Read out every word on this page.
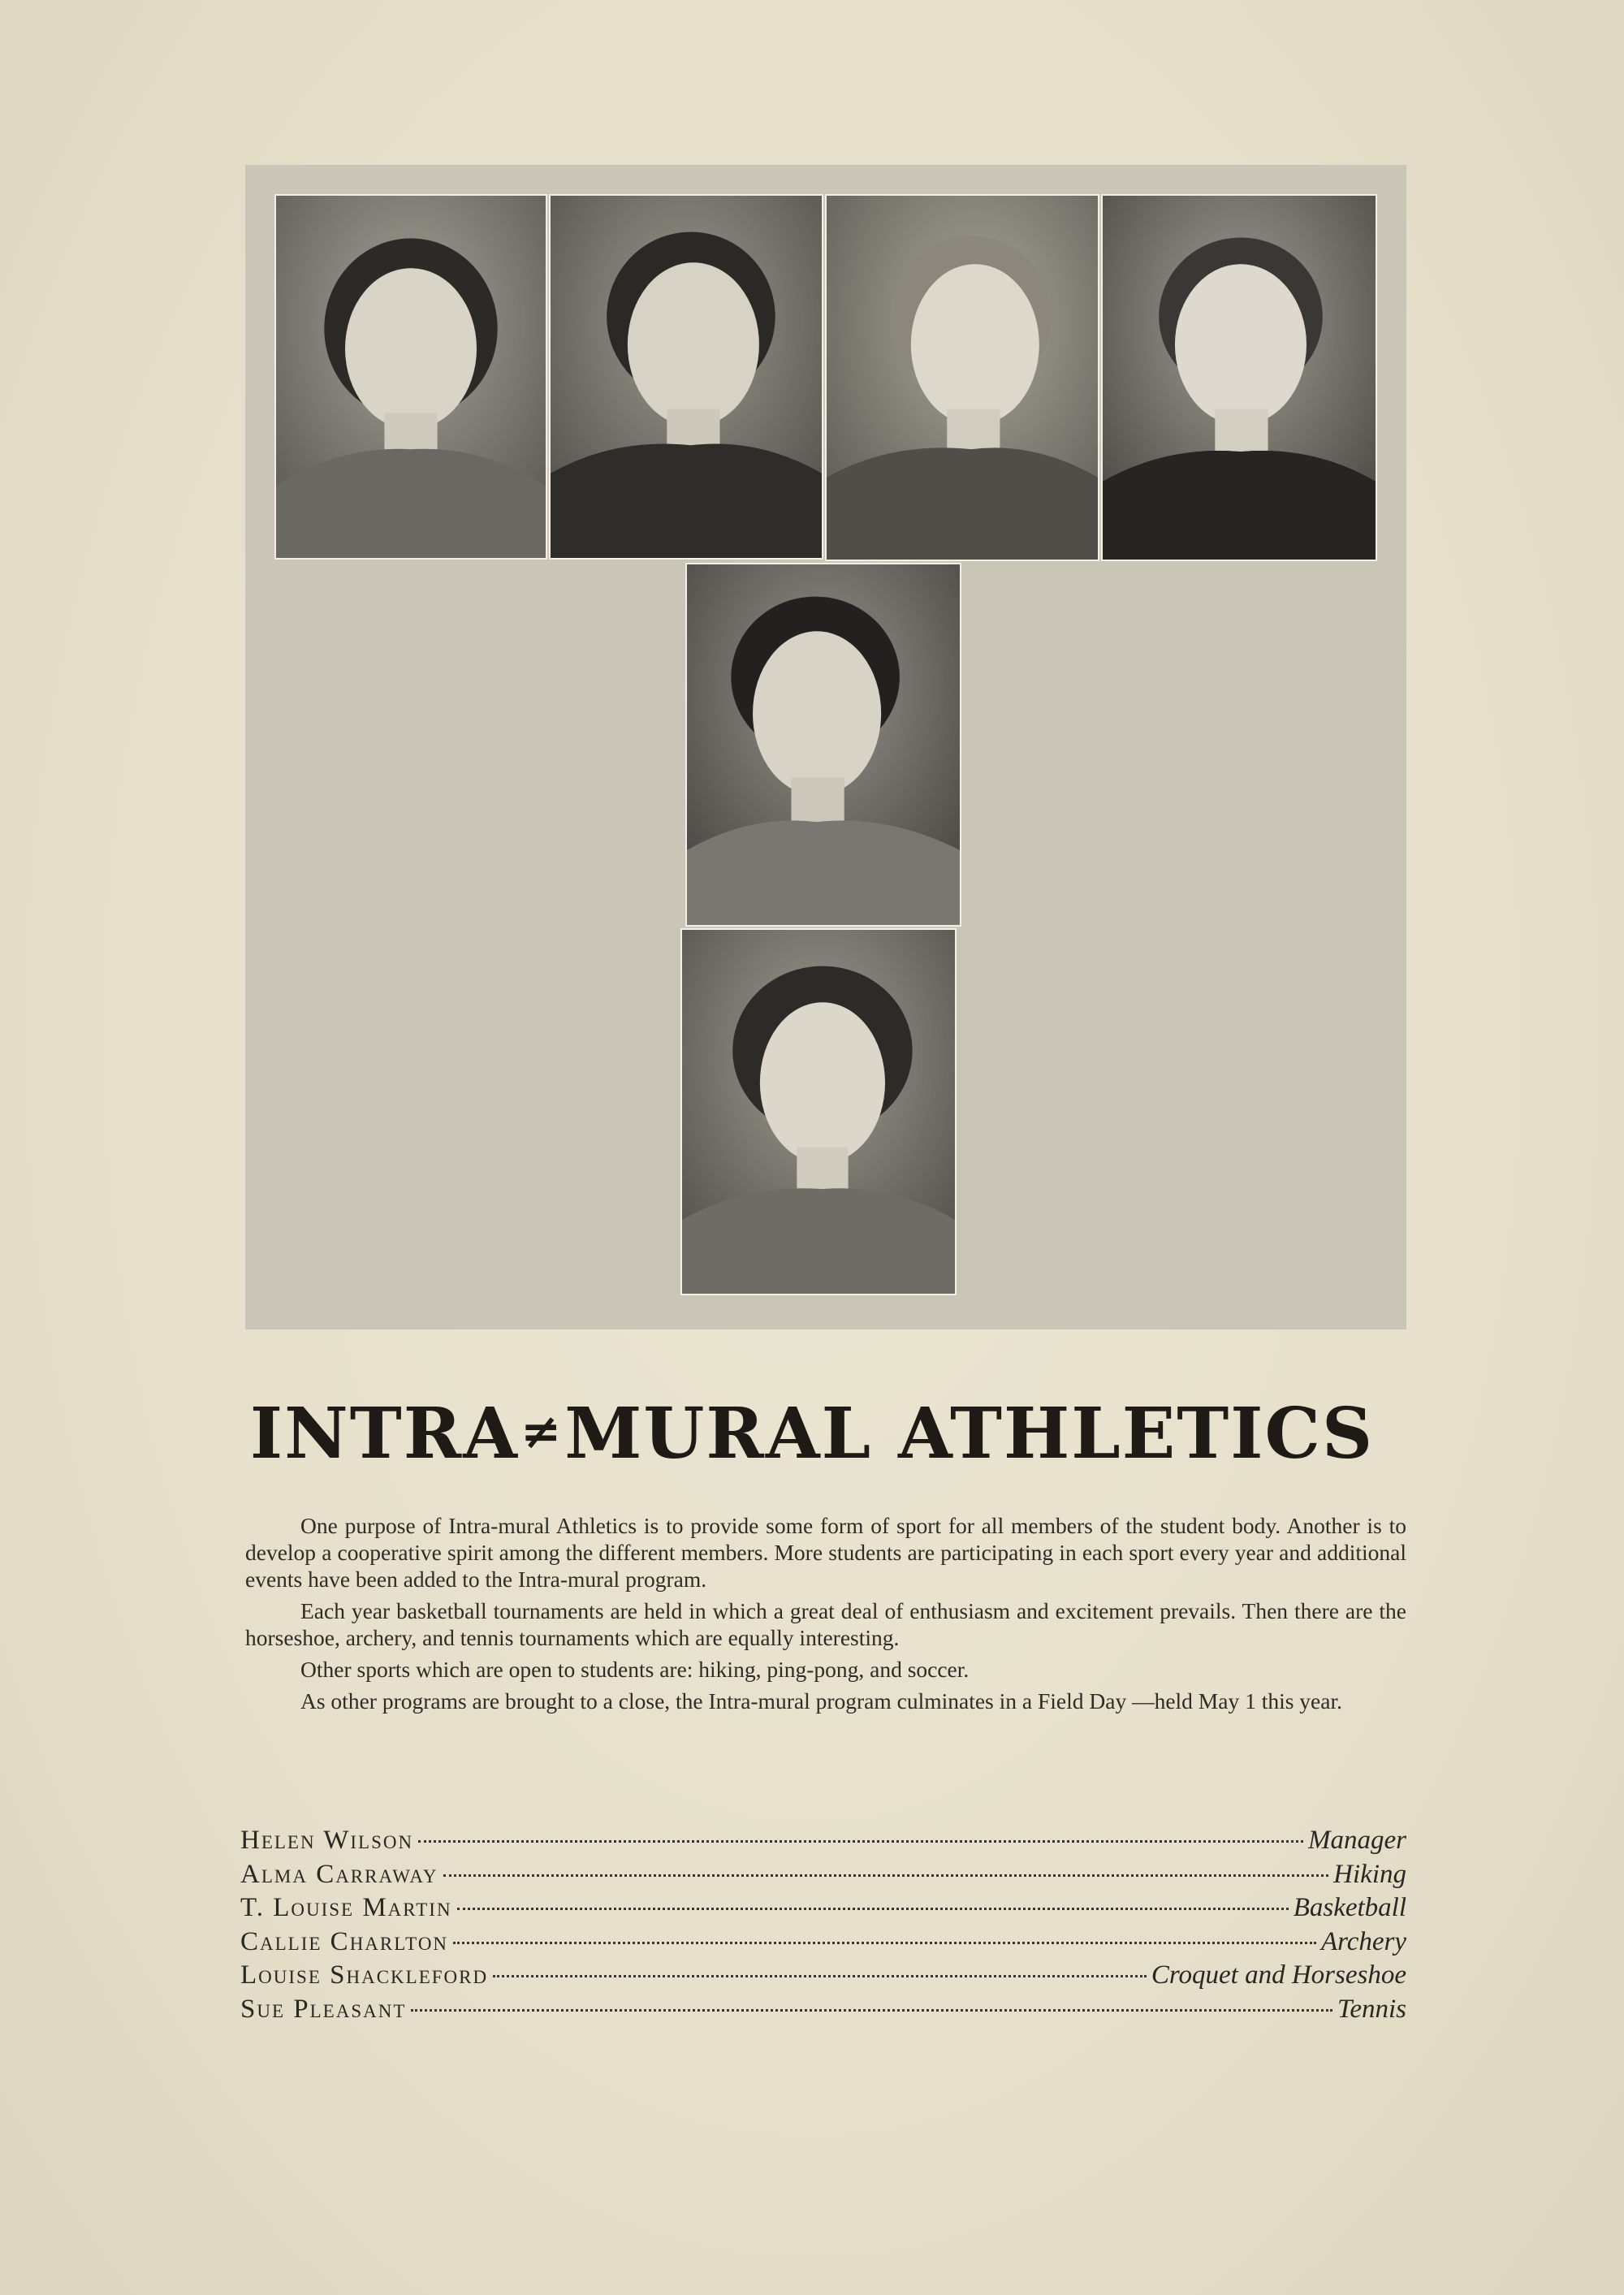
INTRA≠MURAL ATHLETICS

One purpose of Intra-mural Athletics is to provide some form of sport for all members of the student body. Another is to develop a cooperative spirit among the different members. More students are participating in each sport every year and additional events have been added to the Intra-mural program.

Each year basketball tournaments are held in which a great deal of enthusiasm and excitement prevails. Then there are the horseshoe, archery, and tennis tournaments which are equally interesting.

Other sports which are open to students are: hiking, ping-pong, and soccer.

As other programs are brought to a close, the Intra-mural program culminates in a Field Day —held May 1 this year.

Helen Wilson	Manager
Alma Carraway	Hiking
T. Louise Martin	Basketball
Callie Charlton	Archery
Louise Shackleford	Croquet and Horseshoe
Sue Pleasant	Tennis
